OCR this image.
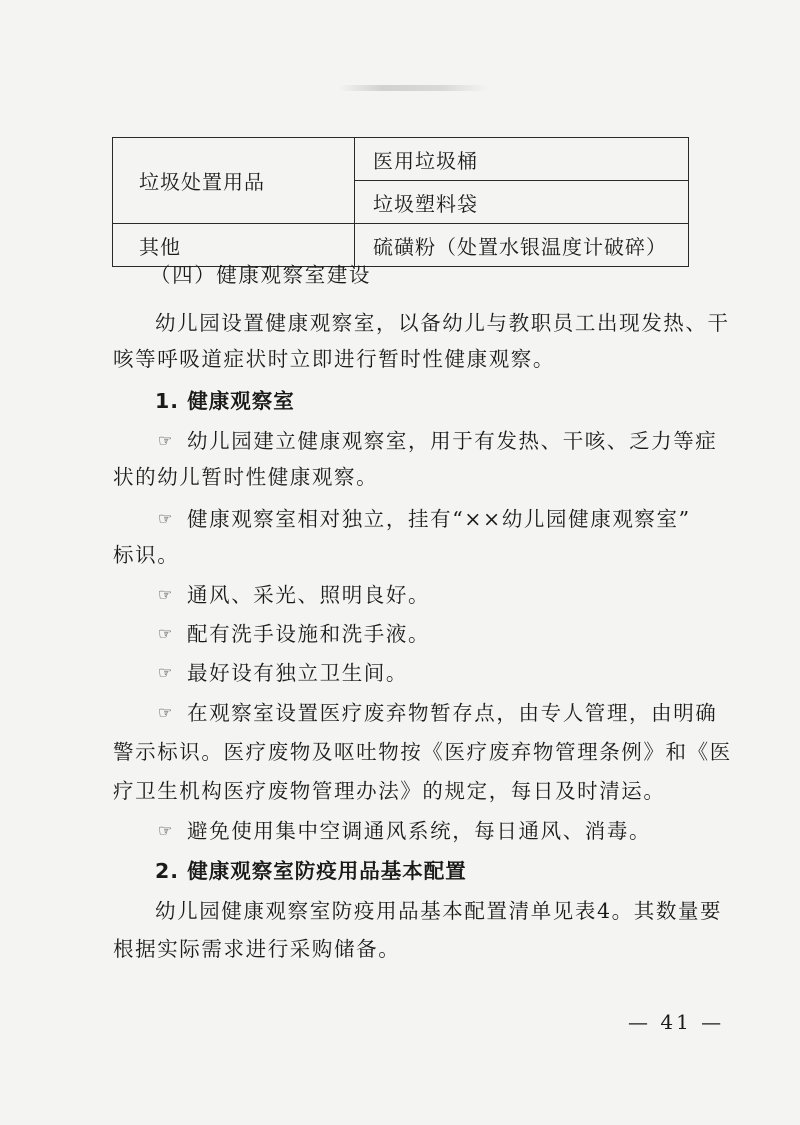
垃圾处置用品	医用垃圾桶
	垃圾塑料袋
其他	硫磺粉（处置水银温度计破碎）
（四）健康观察室建设
幼儿园设置健康观察室，以备幼儿与教职员工出现发热、干
咳等呼吸道症状时立即进行暂时性健康观察。
1. 健康观察室
☞ 幼儿园建立健康观察室，用于有发热、干咳、乏力等症
状的幼儿暂时性健康观察。
☞ 健康观察室相对独立，挂有“××幼儿园健康观察室”
标识。
☞ 通风、采光、照明良好。
☞ 配有洗手设施和洗手液。
☞ 最好设有独立卫生间。
☞ 在观察室设置医疗废弃物暂存点，由专人管理，由明确
警示标识。医疗废物及呕吐物按《医疗废弃物管理条例》和《医
疗卫生机构医疗废物管理办法》的规定，每日及时清运。
☞ 避免使用集中空调通风系统，每日通风、消毒。
2. 健康观察室防疫用品基本配置
幼儿园健康观察室防疫用品基本配置清单见表4。其数量要
根据实际需求进行采购储备。
— 41 —
